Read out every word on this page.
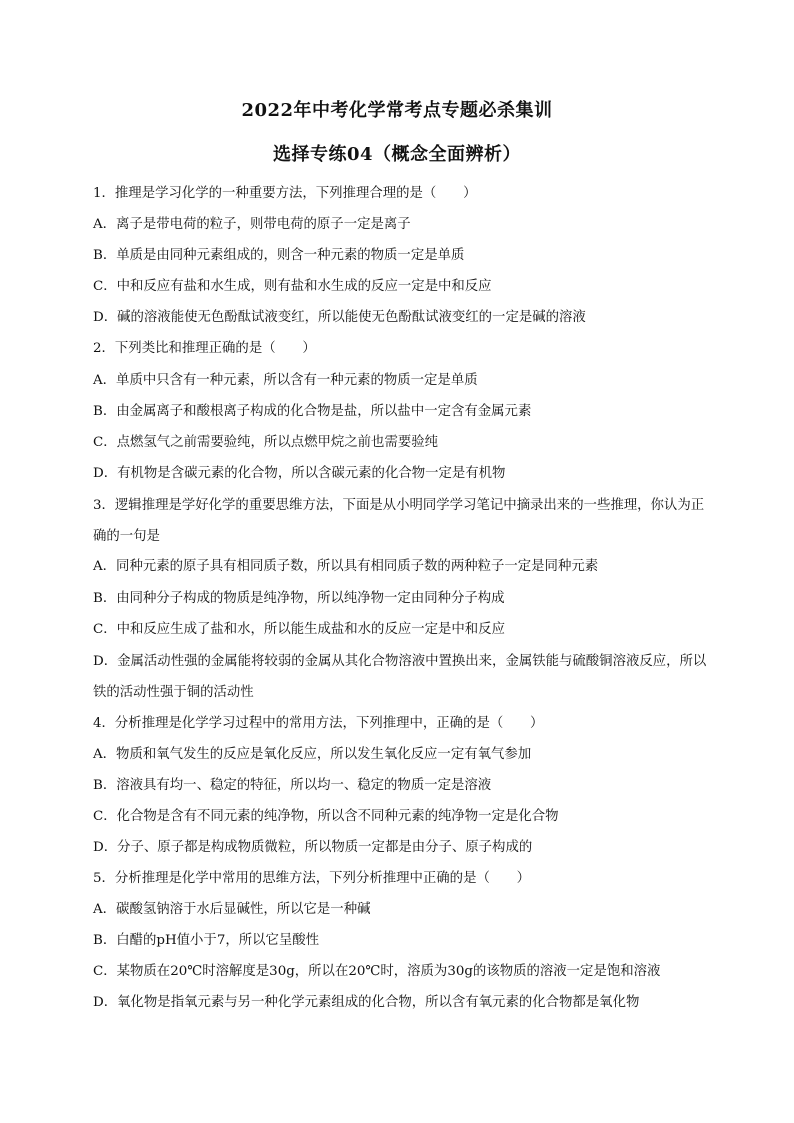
2022年中考化学常考点专题必杀集训
选择专练04（概念全面辨析）
1．推理是学习化学的一种重要方法，下列推理合理的是（　　）
A．离子是带电荷的粒子，则带电荷的原子一定是离子
B．单质是由同种元素组成的，则含一种元素的物质一定是单质
C．中和反应有盐和水生成，则有盐和水生成的反应一定是中和反应
D．碱的溶液能使无色酚酞试液变红，所以能使无色酚酞试液变红的一定是碱的溶液
2．下列类比和推理正确的是（　　）
A．单质中只含有一种元素，所以含有一种元素的物质一定是单质
B．由金属离子和酸根离子构成的化合物是盐，所以盐中一定含有金属元素
C．点燃氢气之前需要验纯，所以点燃甲烷之前也需要验纯
D．有机物是含碳元素的化合物，所以含碳元素的化合物一定是有机物
3．逻辑推理是学好化学的重要思维方法，下面是从小明同学学习笔记中摘录出来的一些推理，你认为正确的一句是
A．同种元素的原子具有相同质子数，所以具有相同质子数的两种粒子一定是同种元素
B．由同种分子构成的物质是纯净物，所以纯净物一定由同种分子构成
C．中和反应生成了盐和水，所以能生成盐和水的反应一定是中和反应
D．金属活动性强的金属能将较弱的金属从其化合物溶液中置换出来，金属铁能与硫酸铜溶液反应，所以铁的活动性强于铜的活动性
4．分析推理是化学学习过程中的常用方法，下列推理中，正确的是（　　）
A．物质和氧气发生的反应是氧化反应，所以发生氧化反应一定有氧气参加
B．溶液具有均一、稳定的特征，所以均一、稳定的物质一定是溶液
C．化合物是含有不同元素的纯净物，所以含不同种元素的纯净物一定是化合物
D．分子、原子都是构成物质微粒，所以物质一定都是由分子、原子构成的
5．分析推理是化学中常用的思维方法，下列分析推理中正确的是（　　）
A．碳酸氢钠溶于水后显碱性，所以它是一种碱
B．白醋的pH值小于7，所以它呈酸性
C．某物质在20℃时溶解度是30g，所以在20℃时，溶质为30g的该物质的溶液一定是饱和溶液
D．氧化物是指氧元素与另一种化学元素组成的化合物，所以含有氧元素的化合物都是氧化物
